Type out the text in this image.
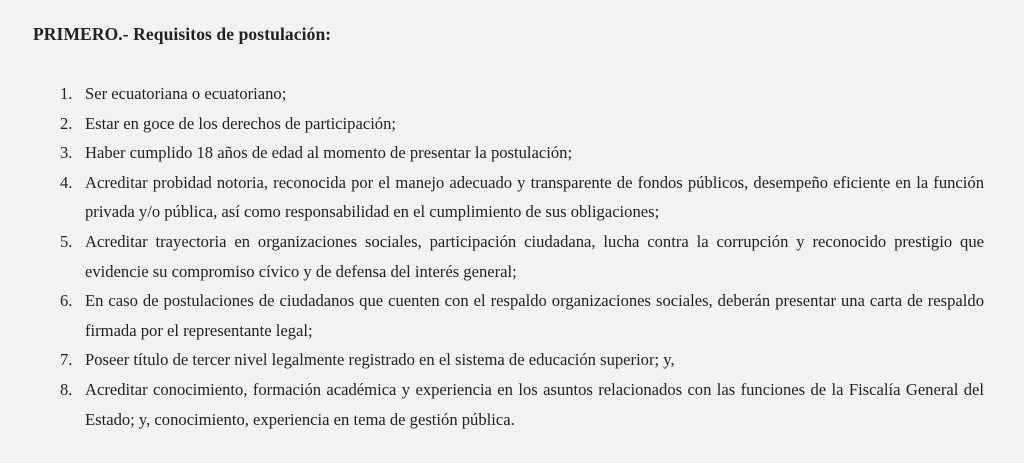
PRIMERO.- Requisitos de postulación:
1. Ser ecuatoriana o ecuatoriano;
2. Estar en goce de los derechos de participación;
3. Haber cumplido 18 años de edad al momento de presentar la postulación;
4. Acreditar probidad notoria, reconocida por el manejo adecuado y transparente de fondos públicos, desempeño eficiente en la función privada y/o pública, así como responsabilidad en el cumplimiento de sus obligaciones;
5. Acreditar trayectoria en organizaciones sociales, participación ciudadana, lucha contra la corrupción y reconocido prestigio que evidencie su compromiso cívico y de defensa del interés general;
6. En caso de postulaciones de ciudadanos que cuenten con el respaldo organizaciones sociales, deberán presentar una carta de respaldo firmada por el representante legal;
7. Poseer título de tercer nivel legalmente registrado en el sistema de educación superior; y,
8. Acreditar conocimiento, formación académica y experiencia en los asuntos relacionados con las funciones de la Fiscalía General del Estado; y, conocimiento, experiencia en tema de gestión pública.
